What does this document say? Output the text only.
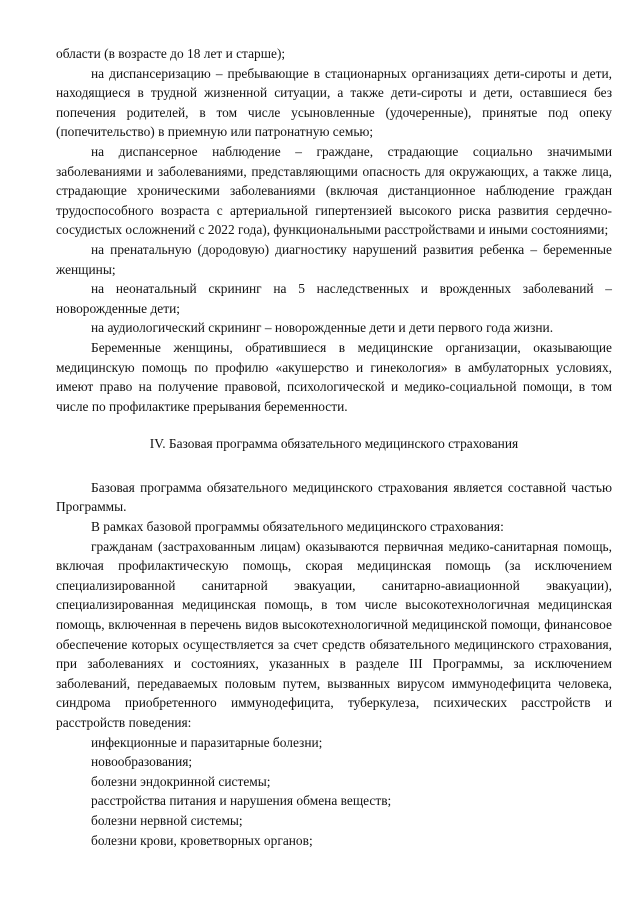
области (в возрасте до 18 лет и старше);

на диспансеризацию – пребывающие в стационарных организациях дети-сироты и дети, находящиеся в трудной жизненной ситуации, а также дети-сироты и дети, оставшиеся без попечения родителей, в том числе усыновленные (удочеренные), принятые под опеку (попечительство) в приемную или патронатную семью;

на диспансерное наблюдение – граждане, страдающие социально значимыми заболеваниями и заболеваниями, представляющими опасность для окружающих, а также лица, страдающие хроническими заболеваниями (включая дистанционное наблюдение граждан трудоспособного возраста с артериальной гипертензией высокого риска развития сердечно-сосудистых осложнений с 2022 года), функциональными расстройствами и иными состояниями;

на пренатальную (дородовую) диагностику нарушений развития ребенка – беременные женщины;

на неонатальный скрининг на 5 наследственных и врожденных заболеваний – новорожденные дети;

на аудиологический скрининг – новорожденные дети и дети первого года жизни.

Беременные женщины, обратившиеся в медицинские организации, оказывающие медицинскую помощь по профилю «акушерство и гинекология» в амбулаторных условиях, имеют право на получение правовой, психологической и медико-социальной помощи, в том числе по профилактике прерывания беременности.

IV. Базовая программа обязательного медицинского страхования

Базовая программа обязательного медицинского страхования является составной частью Программы.

В рамках базовой программы обязательного медицинского страхования:

гражданам (застрахованным лицам) оказываются первичная медико-санитарная помощь, включая профилактическую помощь, скорая медицинская помощь (за исключением специализированной санитарной эвакуации, санитарно-авиационной эвакуации), специализированная медицинская помощь, в том числе высокотехнологичная медицинская помощь, включенная в перечень видов высокотехнологичной медицинской помощи, финансовое обеспечение которых осуществляется за счет средств обязательного медицинского страхования, при заболеваниях и состояниях, указанных в разделе III Программы, за исключением заболеваний, передаваемых половым путем, вызванных вирусом иммунодефицита человека, синдрома приобретенного иммунодефицита, туберкулеза, психических расстройств и расстройств поведения:

инфекционные и паразитарные болезни;

новообразования;

болезни эндокринной системы;

расстройства питания и нарушения обмена веществ;

болезни нервной системы;

болезни крови, кроветворных органов;
